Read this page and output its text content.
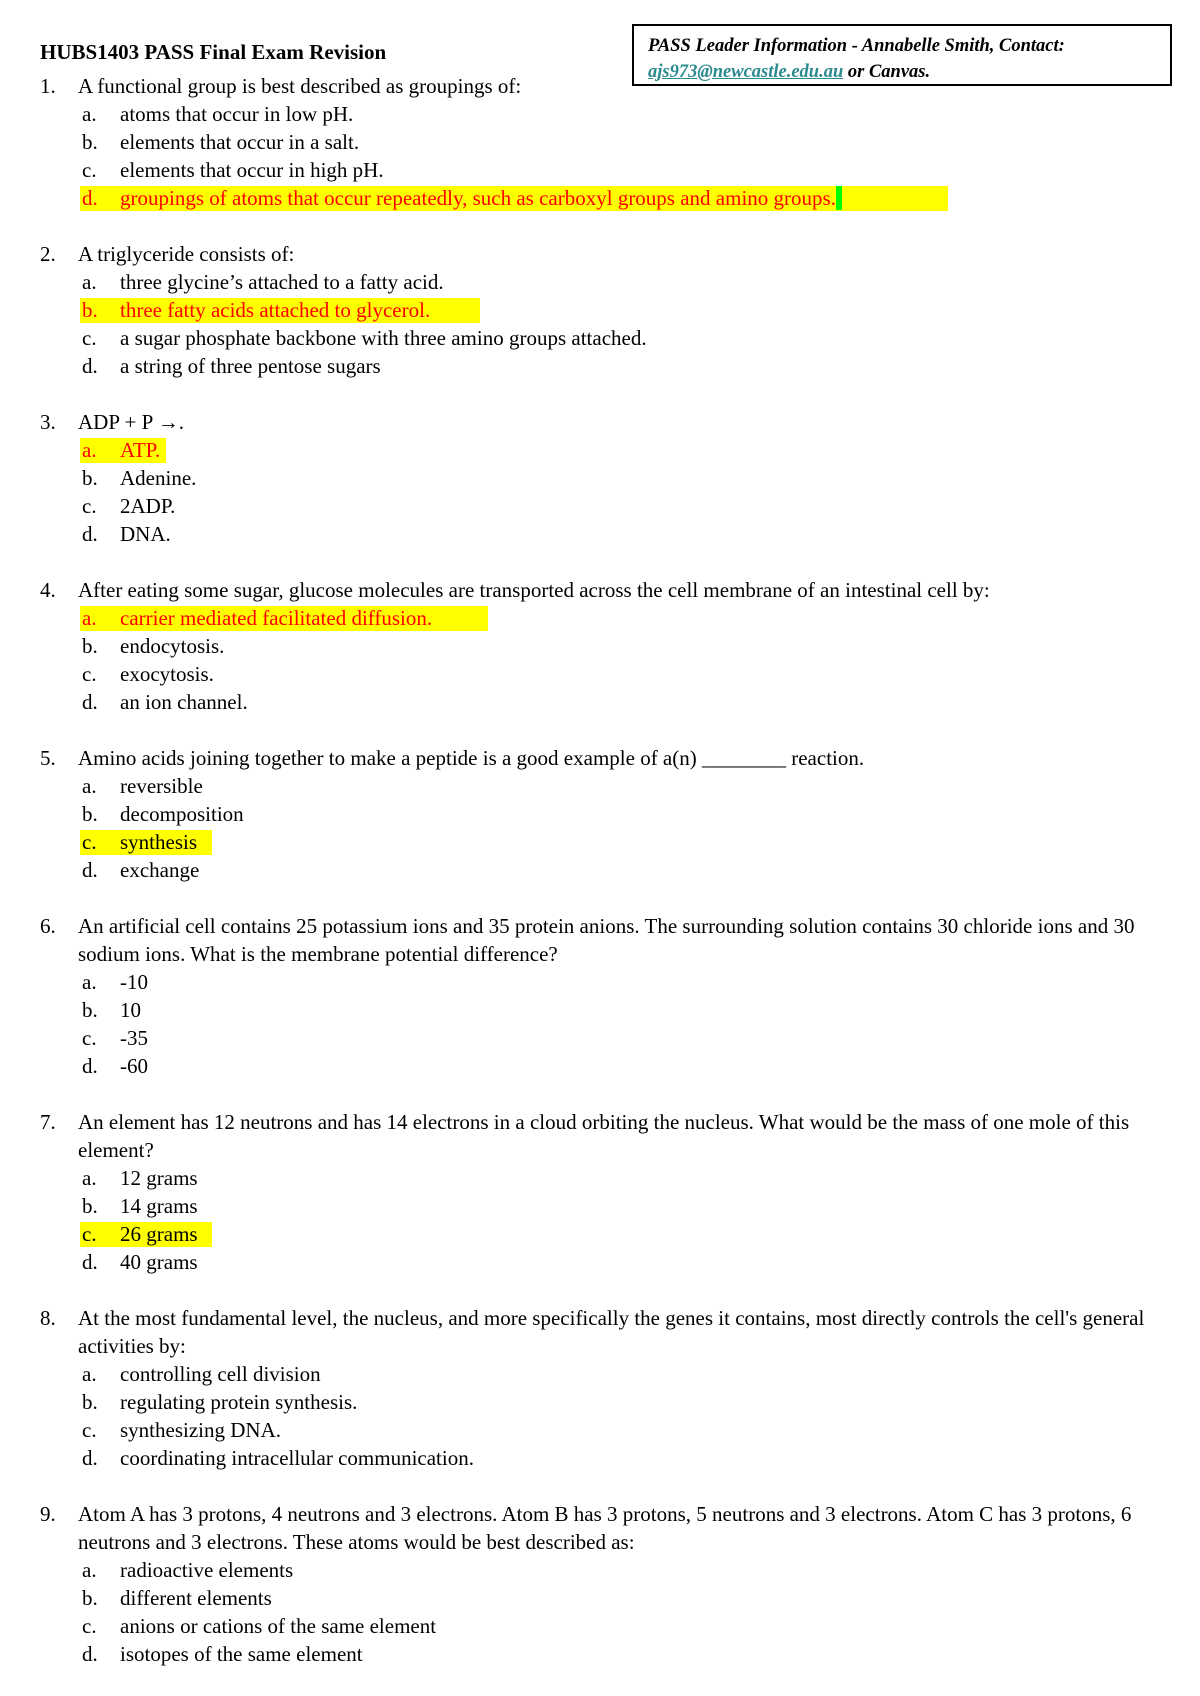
HUBS1403 PASS Final Exam Revision	PASS Leader Information - Annabelle Smith, Contact:
ajs973@newcastle.edu.au or Canvas.
1. A functional group is best described as groupings of:
a. atoms that occur in low pH.
b. elements that occur in a salt.
c. elements that occur in high pH.
d. groupings of atoms that occur repeatedly, such as carboxyl groups and amino groups.
2. A triglyceride consists of:
a. three glycine’s attached to a fatty acid.
b. three fatty acids attached to glycerol.
c. a sugar phosphate backbone with three amino groups attached.
d. a string of three pentose sugars
3. ADP + P →.
a. ATP.
b. Adenine.
c. 2ADP.
d. DNA.
4. After eating some sugar, glucose molecules are transported across the cell membrane of an intestinal cell by:
a. carrier mediated facilitated diffusion.
b. endocytosis.
c. exocytosis.
d. an ion channel.
5. Amino acids joining together to make a peptide is a good example of a(n) ________ reaction.
a. reversible
b. decomposition
c. synthesis
d. exchange
6. An artificial cell contains 25 potassium ions and 35 protein anions. The surrounding solution contains 30 chloride ions and 30 sodium ions. What is the membrane potential difference?
a. -10
b. 10
c. -35
d. -60
7. An element has 12 neutrons and has 14 electrons in a cloud orbiting the nucleus. What would be the mass of one mole of this element?
a. 12 grams
b. 14 grams
c. 26 grams
d. 40 grams
8. At the most fundamental level, the nucleus, and more specifically the genes it contains, most directly controls the cell's general activities by:
a. controlling cell division
b. regulating protein synthesis.
c. synthesizing DNA.
d. coordinating intracellular communication.
9. Atom A has 3 protons, 4 neutrons and 3 electrons. Atom B has 3 protons, 5 neutrons and 3 electrons. Atom C has 3 protons, 6 neutrons and 3 electrons. These atoms would be best described as:
a. radioactive elements
b. different elements
c. anions or cations of the same element
d. isotopes of the same element
